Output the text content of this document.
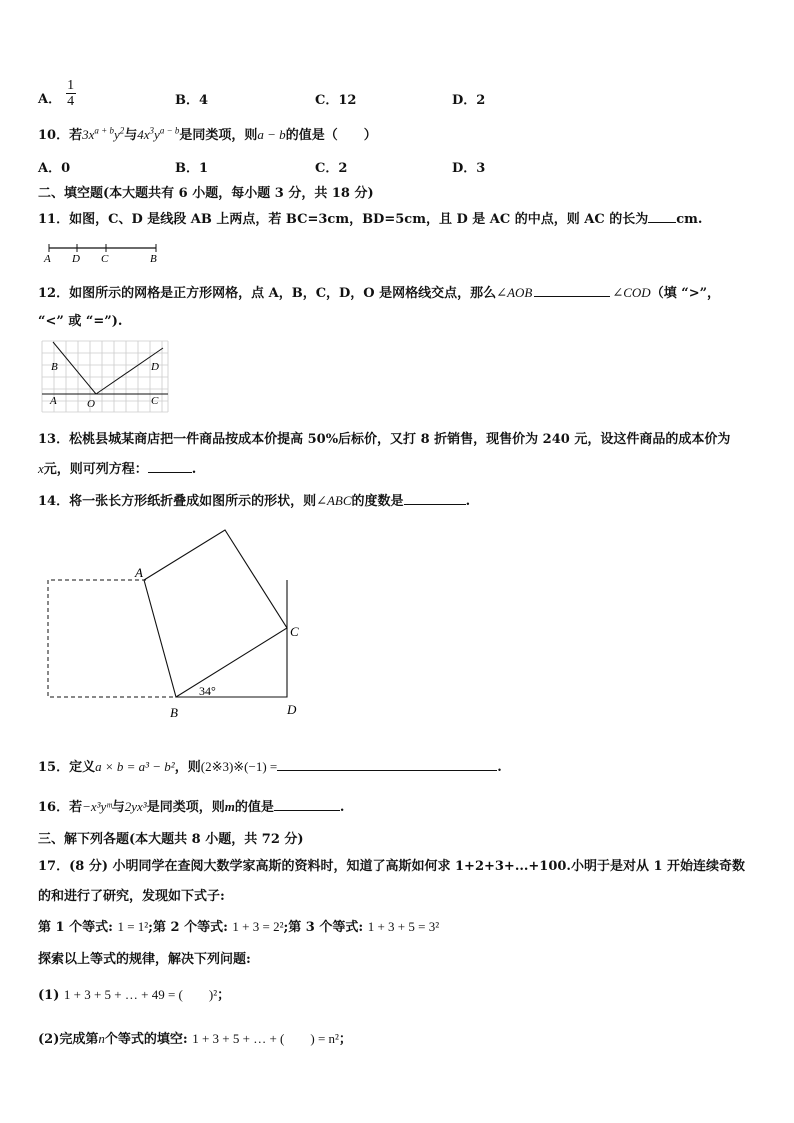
A． $\frac{1}{4}$	B．4	C．12	D．2
10．若$3x^{a + b}y^2$与$4x^3y^{a - b}$是同类项，则a − b的值是（　　）
A．0	B．1	C．2	D．3
二、填空题(本大题共有 6 小题，每小题 3 分，共 18 分)
11．如图，C、D 是线段 AB 上两点，若 BC=3cm，BD=5cm，且 D 是 AC 的中点，则 AC 的长为 cm.
A D C	B
12．如图所示的网格是正方形网格，点 A，B，C，D，O 是网格线交点，那么∠AOB	∠COD（填 “>”，
“<” 或 “=”).
B	D
A	O	C
13．松桃县城某商店把一件商品按成本价提高 50%后标价，又打 8 折销售，现售价为 240 元，设这件商品的成本价为
x元，则可列方程：	.
14．将一张长方形纸折叠成如图所示的形状，则∠ABC的度数是	.
A
B
C
D
34°
15．定义a × b = a³ − b²，则(2※3)※(−1) =	.
16．若−x³yᵐ与2yx³是同类项，则m的值是	.
三、解下列各题(本大题共 8 小题，共 72 分)
17．(8 分) 小明同学在查阅大数学家高斯的资料时，知道了高斯如何求 1+2+3+...+100.小明于是对从 1 开始连续奇数
的和进行了研究，发现如下式子:
第 1 个等式: 1 = 1²;第 2 个等式: 1 + 3 = 2²;第 3 个等式: 1 + 3 + 5 = 3²
探索以上等式的规律，解决下列问题:
(1) 1 + 3 + 5 + … + 49 = (　　)²；
(2)完成第n个等式的填空: 1 + 3 + 5 + … + (　　) = n²；
